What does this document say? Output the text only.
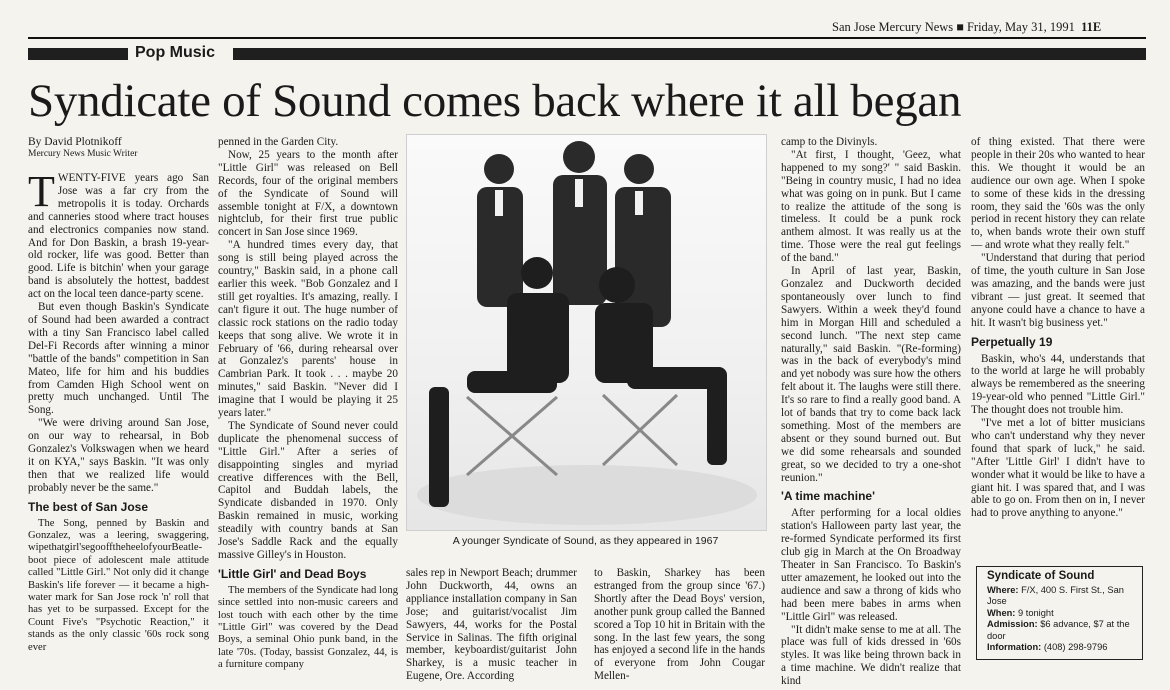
San Jose Mercury News ■ Friday, May 31, 1991 11E
Pop Music
Syndicate of Sound comes back where it all began
By David Plotnikoff
Mercury News Music Writer

TWENTY-FIVE years ago San Jose was a far cry from the metropolis it is today. Orchards and canneries stood where tract houses and electronics companies now stand. And for Don Baskin, a brash 19-year-old rocker, life was good. Better than good. Life is bitchin' when your garage band is absolutely the hottest, baddest act on the local teen dance-party scene.

But even though Baskin's Syndicate of Sound had been awarded a contract with a tiny San Francisco label called Del-Fi Records after winning a minor "battle of the bands" competition in San Mateo, life for him and his buddies from Camden High School went on pretty much unchanged. Until The Song.

"We were driving around San Jose, on our way to rehearsal, in Bob Gonzalez's Volkswagen when we heard it on KYA," says Baskin. "It was only then that we realized life would probably never be the same."

The best of San Jose

The Song, penned by Baskin and Gonzalez, was a leering, swaggering, wipethatgirl'segoofftheheelofyourBeatle-boot piece of adolescent male attitude called "Little Girl." Not only did it change Baskin's life forever — it became a high-water mark for San Jose rock 'n' roll that has yet to be surpassed. Except for the Count Five's "Psychotic Reaction," it stands as the only classic '60s rock song ever

penned in the Garden City.

Now, 25 years to the month after "Little Girl" was released on Bell Records, four of the original members of the Syndicate of Sound will assemble tonight at F/X, a downtown nightclub, for their first true public concert in San Jose since 1969.

"A hundred times every day, that song is still being played across the country," Baskin said, in a phone call earlier this week. "Bob Gonzalez and I still get royalties. It's amazing, really. I can't figure it out. The huge number of classic rock stations on the radio today keeps that song alive. We wrote it in February of '66, during rehearsal over at Gonzalez's parents' house in Cambrian Park. It took . . . maybe 20 minutes," said Baskin. "Never did I imagine that I would be playing it 25 years later."

The Syndicate of Sound never could duplicate the phenomenal success of "Little Girl." After a series of disappointing singles and myriad creative differences with the Bell, Capitol and Buddah labels, the Syndicate disbanded in 1970. Only Baskin remained in music, working steadily with country bands at San Jose's Saddle Rack and the equally massive Gilley's in Houston.

'Little Girl' and Dead Boys

The members of the Syndicate had long since settled into non-music careers and lost touch with each other by the time "Little Girl" was covered by the Dead Boys, a seminal Ohio punk band, in the late '70s. (Today, bassist Gonzalez, 44, is a furniture company

A younger Syndicate of Sound, as they appeared in 1967

sales rep in Newport Beach; drummer John Duckworth, 44, owns an appliance installation company in San Jose; and guitarist/vocalist Jim Sawyers, 44, works for the Postal Service in Salinas. The fifth original member, keyboardist/guitarist John Sharkey, is a music teacher in Eugene, Ore. According

to Baskin, Sharkey has been estranged from the group since '67.) Shortly after the Dead Boys' version, another punk group called the Banned scored a Top 10 hit in Britain with the song. In the last few years, the song has enjoyed a second life in the hands of everyone from John Cougar Mellen-

camp to the Divinyls.

"At first, I thought, 'Geez, what happened to my song?' " said Baskin. "Being in country music, I had no idea what was going on in punk. But I came to realize the attitude of the song is timeless. It could be a punk rock anthem almost. It was really us at the time. Those were the real gut feelings of the band."

In April of last year, Baskin, Gonzalez and Duckworth decided spontaneously over lunch to find Sawyers. Within a week they'd found him in Morgan Hill and scheduled a second lunch. "The next step came naturally," said Baskin. "(Re-forming) was in the back of everybody's mind and yet nobody was sure how the others felt about it. The laughs were still there. It's so rare to find a really good band. A lot of bands that try to come back lack something. Most of the members are absent or they sound burned out. But we did some rehearsals and sounded great, so we decided to try a one-shot reunion."

'A time machine'

After performing for a local oldies station's Halloween party last year, the re-formed Syndicate performed its first club gig in March at the On Broadway Theater in San Francisco. To Baskin's utter amazement, he looked out into the audience and saw a throng of kids who had been mere babes in arms when "Little Girl" was released.

"It didn't make sense to me at all. The place was full of kids dressed in '60s styles. It was like being thrown back in a time machine. We didn't realize that kind

of thing existed. That there were people in their 20s who wanted to hear this. We thought it would be an audience our own age. When I spoke to some of these kids in the dressing room, they said the '60s was the only period in recent history they can relate to, when bands wrote their own stuff — and wrote what they really felt."

"Understand that during that period of time, the youth culture in San Jose was amazing, and the bands were just vibrant — just great. It seemed that anyone could have a chance to have a hit. It wasn't big business yet."

Perpetually 19

Baskin, who's 44, understands that to the world at large he will probably always be remembered as the sneering 19-year-old who penned "Little Girl." The thought does not trouble him.

"I've met a lot of bitter musicians who can't understand why they never found that spark of luck," he said. "After 'Little Girl' I didn't have to wonder what it would be like to have a giant hit. I was spared that, and I was able to go on. From then on in, I never had to prove anything to anyone."

Syndicate of Sound
Where: F/X, 400 S. First St., San Jose
When: 9 tonight
Admission: $6 advance, $7 at the door
Information: (408) 298-9796
